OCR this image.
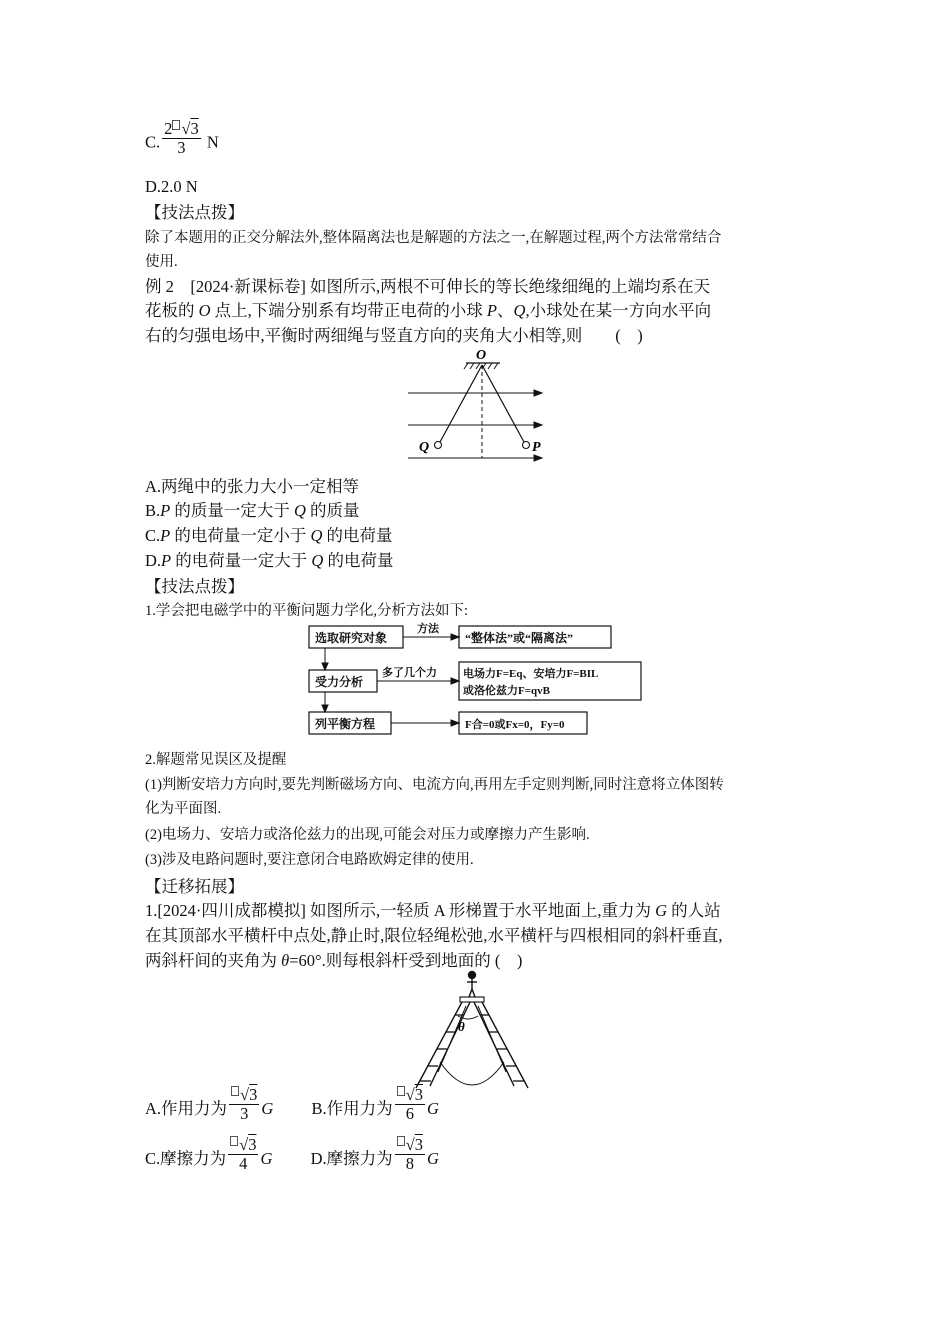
C. $\frac{2 √3}{3}$ N
D.2.0 N
【技法点拨】
除了本题用的正交分解法外,整体隔离法也是解题的方法之一,在解题过程,两个方法常常结合
使用.
例 2　[2024·新课标卷] 如图所示,两根不可伸长的等长绝缘细绳的上端均系在天
花板的 O 点上,下端分别系有均带正电荷的小球 P、Q,小球处在某一方向水平向
右的匀强电场中,平衡时两细绳与竖直方向的夹角大小相等,则　　(　)
O
Q	P
A.两绳中的张力大小一定相等
B.P 的质量一定大于 Q 的质量
C.P 的电荷量一定小于 Q 的电荷量
D.P 的电荷量一定大于 Q 的电荷量
【技法点拨】
1.学会把电磁学中的平衡问题力学化,分析方法如下:
选取研究对象
方法
“整体法”或“隔离法”
受力分析
多了几个力 电场力F=Eq、安培力F=BIL
或洛伦兹力F=qvB
列平衡方程	F合=0或Fx=0，Fy=0
2.解题常见误区及提醒
(1)判断安培力方向时,要先判断磁场方向、电流方向,再用左手定则判断,同时注意将立体图转
化为平面图.
(2)电场力、安培力或洛伦兹力的出现,可能会对压力或摩擦力产生影响.
(3)涉及电路问题时,要注意闭合电路欧姆定律的使用.
【迁移拓展】
1.[2024·四川成都模拟] 如图所示,一轻质 A 形梯置于水平地面上,重力为 G 的人站
在其顶部水平横杆中点处,静止时,限位轻绳松弛,水平横杆与四根相同的斜杆垂直,
两斜杆间的夹角为 θ=60°.则每根斜杆受到地面的 (　)
θ
A.作用力为 $\frac{√3}{3}$ G B.作用力为 $\frac{√3}{6}$ G
C.摩擦力为 $\frac{√3}{4}$ G D.摩擦力为 $\frac{√3}{8}$ G
